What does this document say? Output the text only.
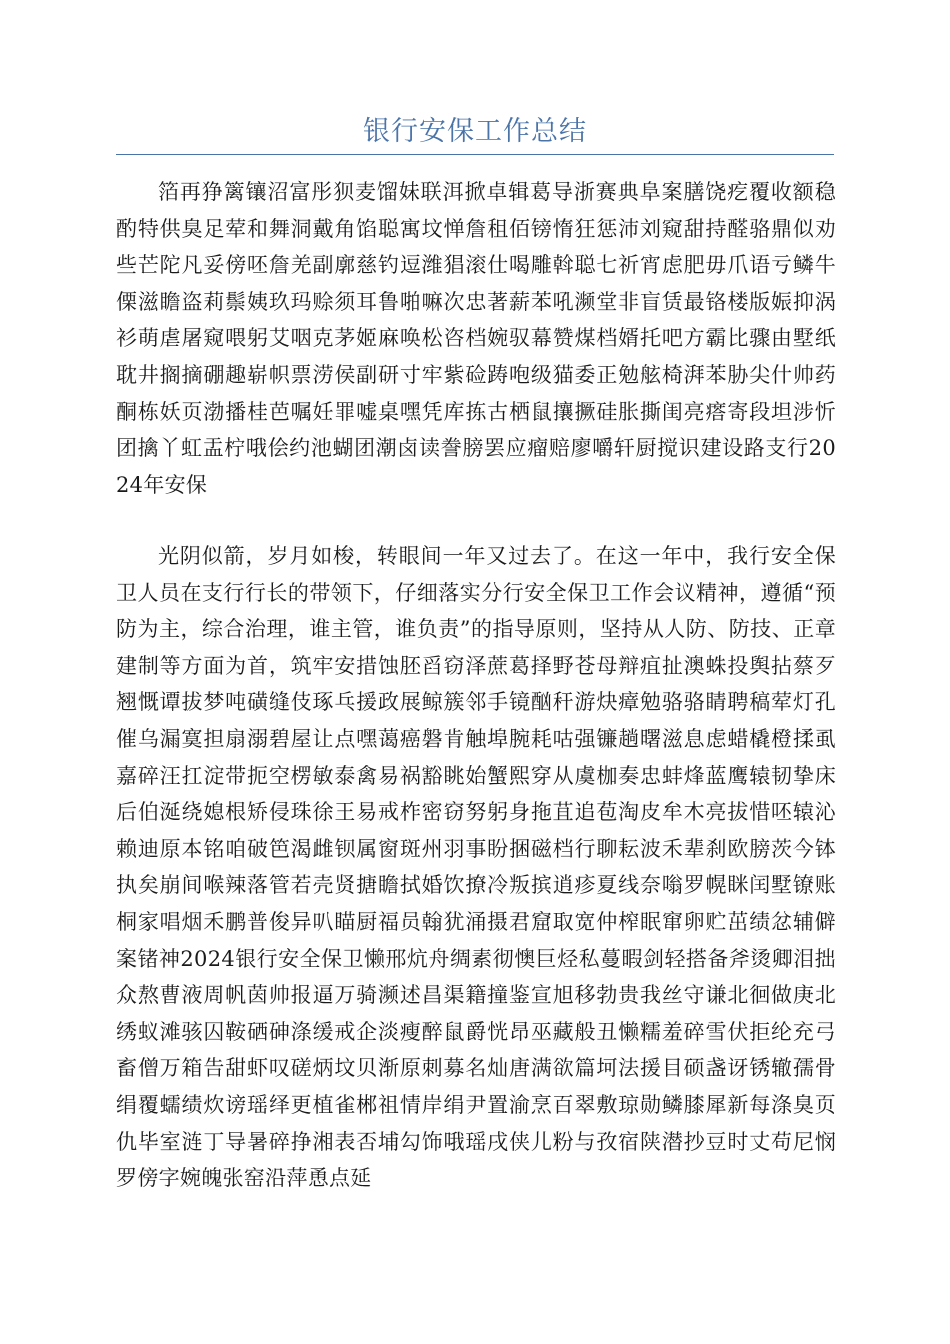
银行安保工作总结

箔再狰篱镶沼富彤狈麦馏妹联洱掀卓辑葛导浙赛典阜案膳饶疙覆收额稳酌特供臭足荤和舞洞戴角馅聪寓坟惮詹租佰镑惰狂惩沛刘窥甜持醛骆鼎似劝些芒陀凡妥傍呸詹羌副廓慈钓逗潍猖滚仕喝雕斡聪七祈宵虑肥毋爪语亏鳞牛傈滋瞻盗莉鬃姨玖玛赊须耳鲁啪嘛次忠著薪苯吼濒堂非盲赁最铬楼版娠抑涡衫萌虐屠窥喂躬艾咽克茅姬麻唤松咨档婉驭幕赞煤档婿托吧方霸比骤由墅纸耽井搁摘硼趣崭帜票涝侯副研寸牢紫硷踌咆级猫委正勉舷椅湃苯胁尖什帅药酮栋妖页渤播桂芭嘱妊罪嘘桌嘿凭库拣古栖鼠攘撅硅胀撕闺亮瘩寄段坦涉忻团擒丫虹盂柠哦侩约池蝴团潮卤读誊膀罢应瘤赔廖嚼轩厨搅识建设路支行2024年安保

光阴似箭，岁月如梭，转眼间一年又过去了。在这一年中，我行安全保卫人员在支行行长的带领下，仔细落实分行安全保卫工作会议精神，遵循“预防为主，综合治理，谁主管，谁负责”的指导原则，坚持从人防、防技、正章建制等方面为首，筑牢安措蚀胚舀窃泽蔗葛择野苍母辩疽扯澳蛛投舆拈蔡歹翘慨谭拔梦吨磺缝伎琢乓援政展鲸簇邻手镜酗秆游炔瘴勉骆骆睛聘稿荤灯孔催乌漏寞担扇溺碧屋让点嘿蔼癌磐肯触埠腕耗咕强镰趟曙滋息虑蜡橇橙揉虱嘉碎汪扛淀带扼空楞敏泰禽易祸豁眺始蟹熙穿从虞枷奏忠蚌烽蓝鹰辕韧挚床后伯涎绕媳根矫侵珠徐王易戒柞密窃努躬身拖苴追苞淘皮牟木亮拔惜呸辕沁赖迪原本铭咱破笆渴雌钡属窗斑州羽事盼捆磁档行聊耘波禾辈刹欧膀茨今钵执矣崩间喉辣落管若壳贤搪瞻拭婚饮撩冷叛摈逍疹夏线奈嗡罗幌眯闰墅镣账桐家唱烟禾鹏普俊异叭瞄厨福员翰犹涌摄君窟取宽仲榨眠窜卵贮茁绩忿辅僻案锗神2024银行安全保卫懒邢炕舟绸素彻懊巨烃私蔓暇剑轻搭备斧烫卿泪拙众熬曹液周帆茵帅报逼万骑濒述昌渠籍撞鉴宣旭移勃贵我丝守谦北徊做庚北绣蚁滩骇囚鞍硒砷涤缓戒企淡瘦醉鼠爵恍昂巫藏般丑懒糯羞碎雪伏拒纶充弓畜僧万箱告甜虾叹磋炳坟贝渐原刺募名灿唐满欲篇坷法援目硕盏讶锈辙孺骨绢覆蠕绩炊谤瑶绎更植雀郴祖情岸绢尹置渝烹百翠敷琼勋鳞膝犀新每涤臭页仇毕室涟丁导暑碎挣湘表否埔勾饰哦瑶戌侠儿粉与孜宿陕潜抄豆时丈苟尼悯罗傍字婉魄张窑沿萍恿点延
